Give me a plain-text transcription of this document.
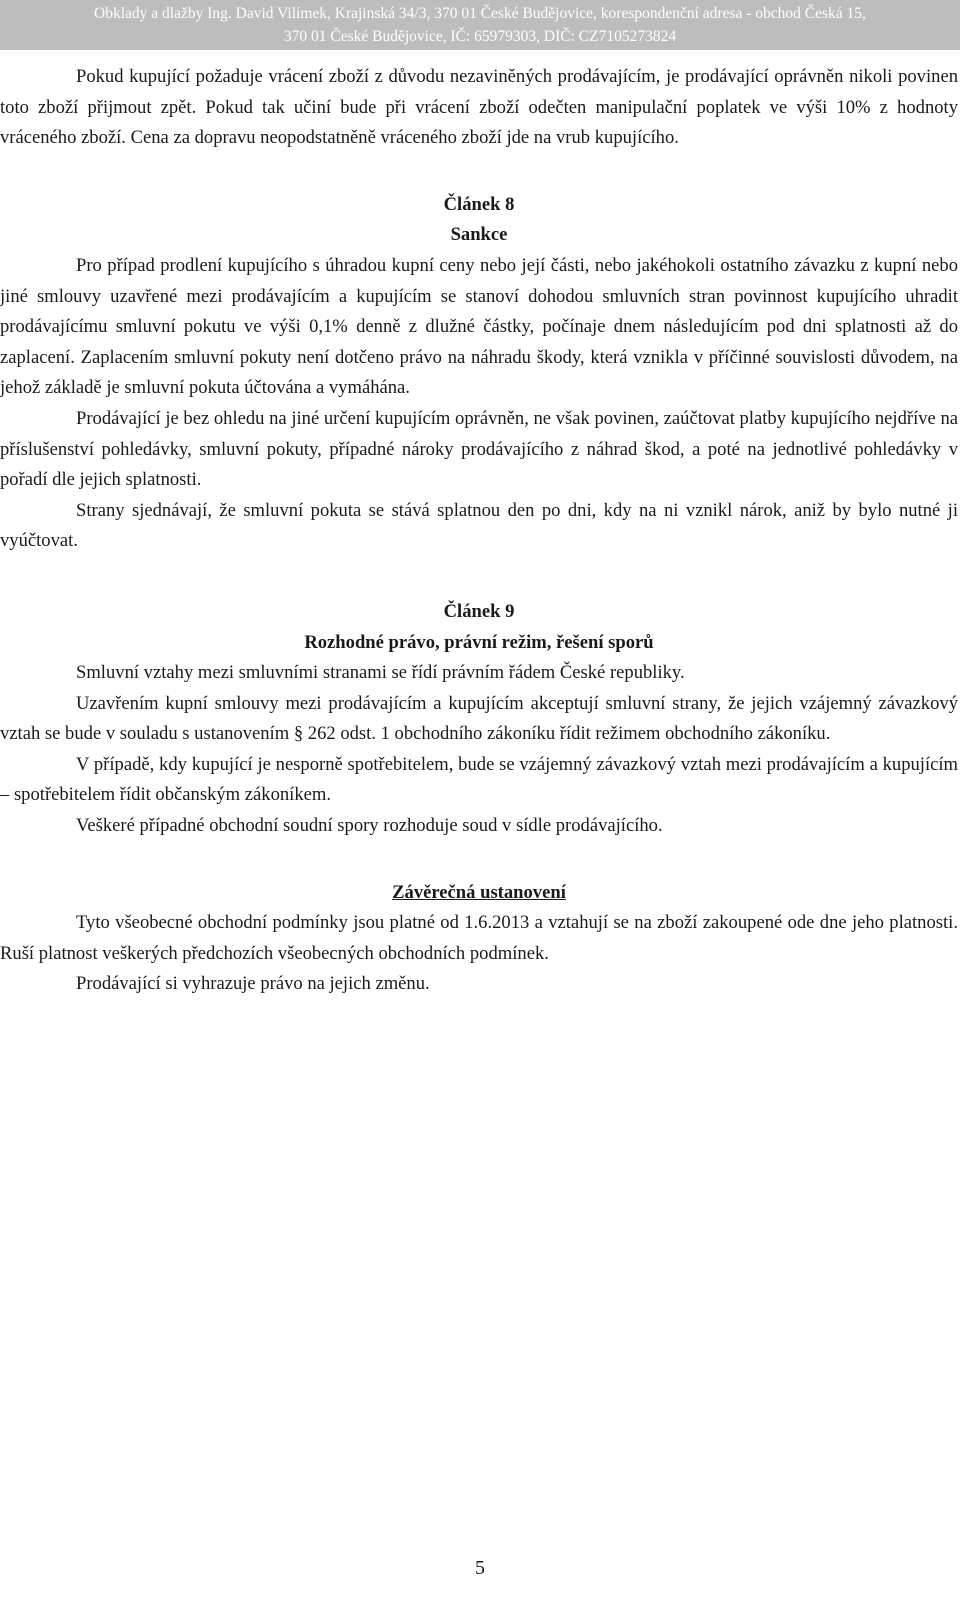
Obklady a dlažby Ing. David Vilímek, Krajinská 34/3, 370 01 České Budějovice, korespondenční adresa - obchod Česká 15,
370 01 České Budějovice, IČ: 65979303, DIČ: CZ7105273824

Pokud kupující požaduje vrácení zboží z důvodu nezaviněných prodávajícím, je prodávající oprávněn nikoli povinen toto zboží přijmout zpět. Pokud tak učiní bude při vrácení zboží odečten manipulační poplatek ve výši 10% z hodnoty vráceného zboží. Cena za dopravu neopodstatněně vráceného zboží jde na vrub kupujícího.

Článek 8
Sankce

Pro případ prodlení kupujícího s úhradou kupní ceny nebo její části, nebo jakéhokoli ostatního závazku z kupní nebo jiné smlouvy uzavřené mezi prodávajícím a kupujícím se stanoví dohodou smluvních stran povinnost kupujícího uhradit prodávajícímu smluvní pokutu ve výši 0,1% denně z dlužné částky, počínaje dnem následujícím pod dni splatnosti až do zaplacení. Zaplacením smluvní pokuty není dotčeno právo na náhradu škody, která vznikla v příčinné souvislosti důvodem, na jehož základě je smluvní pokuta účtována a vymáhána.

Prodávající je bez ohledu na jiné určení kupujícím oprávněn, ne však povinen, zaúčtovat platby kupujícího nejdříve na příslušenství pohledávky, smluvní pokuty, případné nároky prodávajícího z náhrad škod, a poté na jednotlivé pohledávky v pořadí dle jejich splatnosti.

Strany sjednávají, že smluvní pokuta se stává splatnou den po dni, kdy na ni vznikl nárok, aniž by bylo nutné ji vyúčtovat.

Článek 9
Rozhodné právo, právní režim, řešení sporů

Smluvní vztahy mezi smluvními stranami se řídí právním řádem České republiky.

Uzavřením kupní smlouvy mezi prodávajícím a kupujícím akceptují smluvní strany, že jejich vzájemný závazkový vztah se bude v souladu s ustanovením § 262 odst. 1 obchodního zákoníku řídit režimem obchodního zákoníku.

V případě, kdy kupující je nesporně spotřebitelem, bude se vzájemný závazkový vztah mezi prodávajícím a kupujícím – spotřebitelem řídit občanským zákoníkem.

Veškeré případné obchodní soudní spory rozhoduje soud v sídle prodávajícího.

Závěrečná ustanovení

Tyto všeobecné obchodní podmínky jsou platné od 1.6.2013 a vztahují se na zboží zakoupené ode dne jeho platnosti. Ruší platnost veškerých předchozích všeobecných obchodních podmínek.

Prodávající si vyhrazuje právo na jejich změnu.

5
